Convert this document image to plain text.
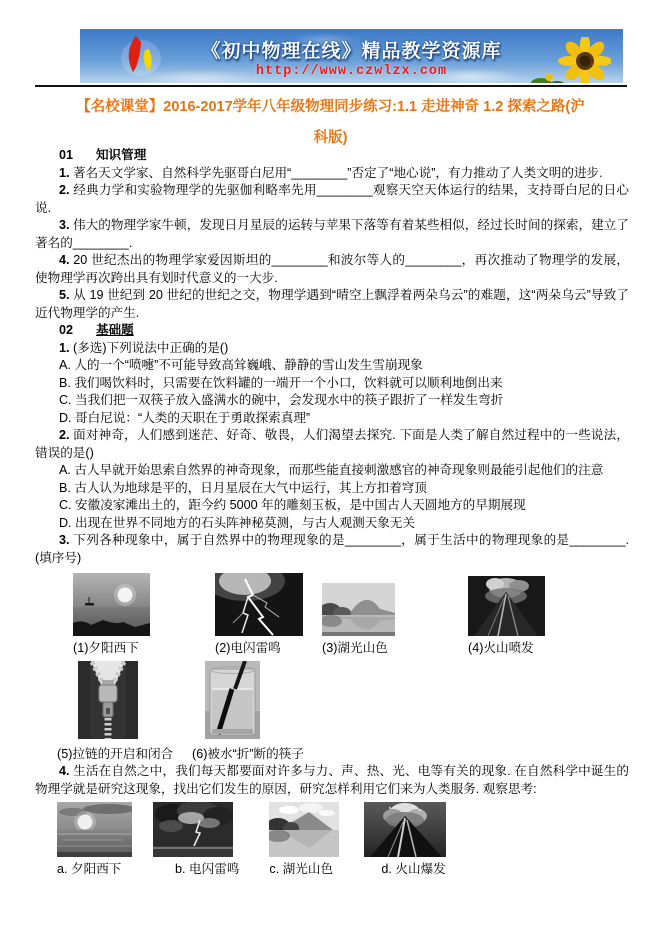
《初中物理在线》精品教学资源库
http://www.czwlzx.com
【名校课堂】2016-2017学年八年级物理同步练习:1.1 走进神奇 1.2 探索之路(沪
科版)

01 知识管理

1. 著名天文学家、自然科学先驱哥白尼用“________”否定了“地心说”，有力推动了人类文明的进步.

2. 经典力学和实验物理学的先驱伽利略率先用________观察天空天体运行的结果，支持哥白尼的日心说.

3. 伟大的物理学家牛顿，发现日月星辰的运转与苹果下落等有着某些相似，经过长时间的探索，建立了著名的________.

4. 20 世纪杰出的物理学家爱因斯坦的________和波尔等人的________，再次推动了物理学的发展，使物理学再次跨出具有划时代意义的一大步.

5. 从 19 世纪到 20 世纪的世纪之交，物理学遇到“晴空上飘浮着两朵乌云”的难题，这“两朵乌云”导致了近代物理学的产生.

02 基础题

1. (多选)下列说法中正确的是()

A. 人的一个“喷嚏”不可能导致高耸巍峨、静静的雪山发生雪崩现象

B. 我们喝饮料时，只需要在饮料罐的一端开一个小口，饮料就可以顺利地倒出来

C. 当我们把一双筷子放入盛满水的碗中，会发现水中的筷子跟折了一样发生弯折

D. 哥白尼说：“人类的天职在于勇敢探索真理”

2. 面对神奇，人们感到迷茫、好奇、敬畏，人们渴望去探究. 下面是人类了解自然过程中的一些说法，错误的是()

A. 古人早就开始思索自然界的神奇现象，而那些能直接刺激感官的神奇现象则最能引起他们的注意

B. 古人认为地球是平的，日月星辰在大气中运行，其上方扣着穹顶

C. 安徽凌家滩出土的，距今约 5000 年的雕刻玉板，是中国古人天圆地方的早期展现

D. 出现在世界不同地方的石头阵神秘莫测，与古人观测天象无关

3. 下列各种现象中，属于自然界中的物理现象的是________，属于生活中的物理现象的是________. (填序号)

(1)夕阳西下	(2)电闪雷鸣	(3)湖光山色	(4)火山喷发
(5)拉链的开启和闭合 (6)被水“折”断的筷子

4. 生活在自然之中，我们每天都要面对许多与力、声、热、光、电等有关的现象. 在自然科学中诞生的物理学就是研究这现象，找出它们发生的原因，研究怎样利用它们来为人类服务. 观察思考:

a. 夕阳西下	b. 电闪雷鸣 c. 湖光山色	d. 火山爆发
